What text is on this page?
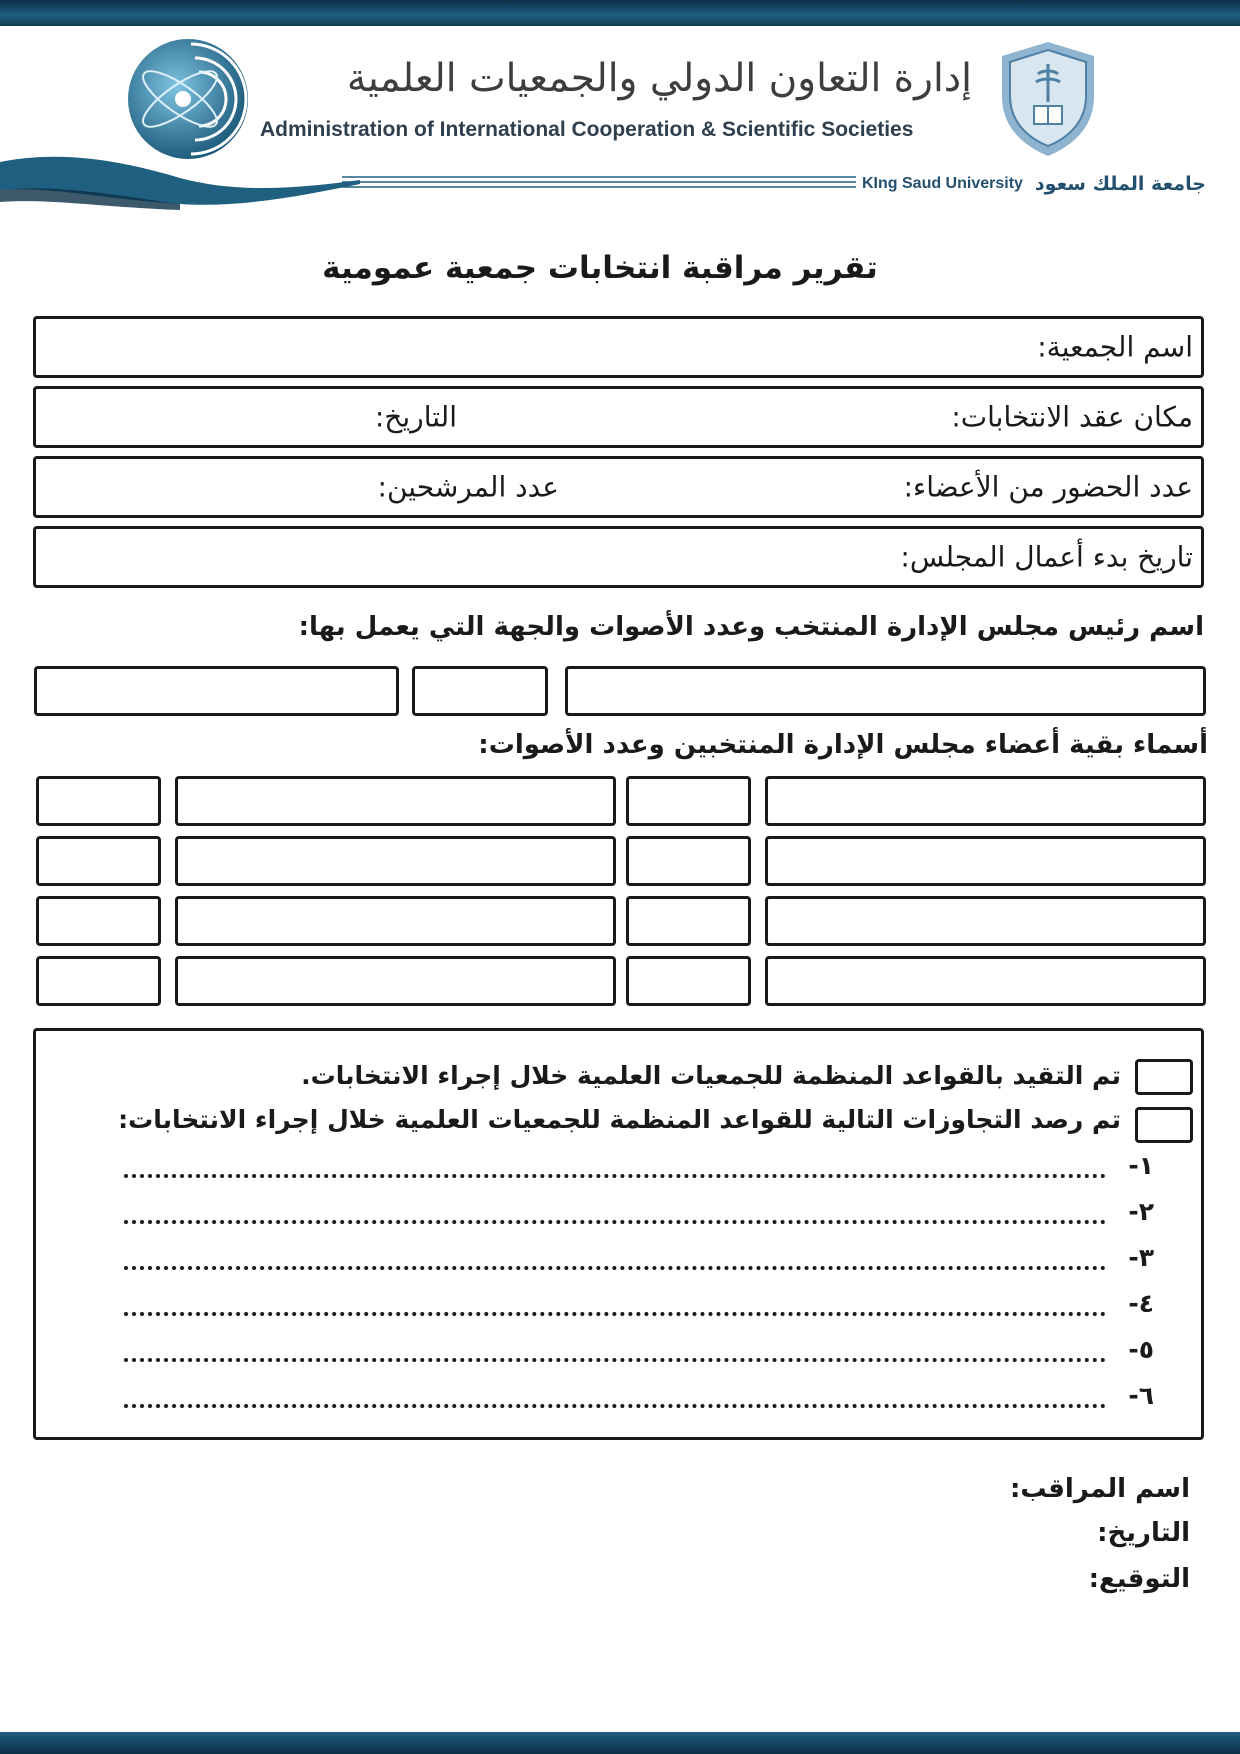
إدارة التعاون الدولي والجمعيات العلمية
Administration of International Cooperation & Scientific Societies
KIng Saud University جامعة الملك سعود
تقرير مراقبة انتخابات جمعية عمومية
اسم الجمعية:
مكان عقد الانتخابات:
التاريخ:
عدد الحضور من الأعضاء:
عدد المرشحين:
تاريخ بدء أعمال المجلس:
اسم رئيس مجلس الإدارة المنتخب وعدد الأصوات والجهة التي يعمل بها:
أسماء بقية أعضاء مجلس الإدارة المنتخبين وعدد الأصوات:
تم التقيد بالقواعد المنظمة للجمعيات العلمية خلال إجراء الانتخابات.
تم رصد التجاوزات التالية للقواعد المنظمة للجمعيات العلمية خلال إجراء الانتخابات:
١-
٢-
٣-
٤-
٥-
٦-
اسم المراقب:
التاريخ:
التوقيع:
